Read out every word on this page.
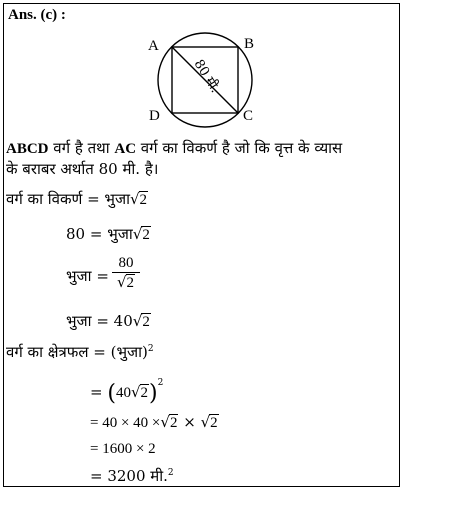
Ans. (c) :
A	B
C
D
80 मी.
ABCD वर्ग है तथा AC वर्ग का विकर्ण है जो कि वृत्त के व्यास
के बराबर अर्थात 80 मी. है।
वर्ग का विकर्ण = भुजा√2
80 = भुजा√2
भुजा =
80
√2
भुजा = 40√2
वर्ग का क्षेत्रफल = (भुजा)$^2$
= $(40√2)^2$
= 40 × 40 ×√2 × √2
= 1600 × 2
= 3200 मी.$^2$
